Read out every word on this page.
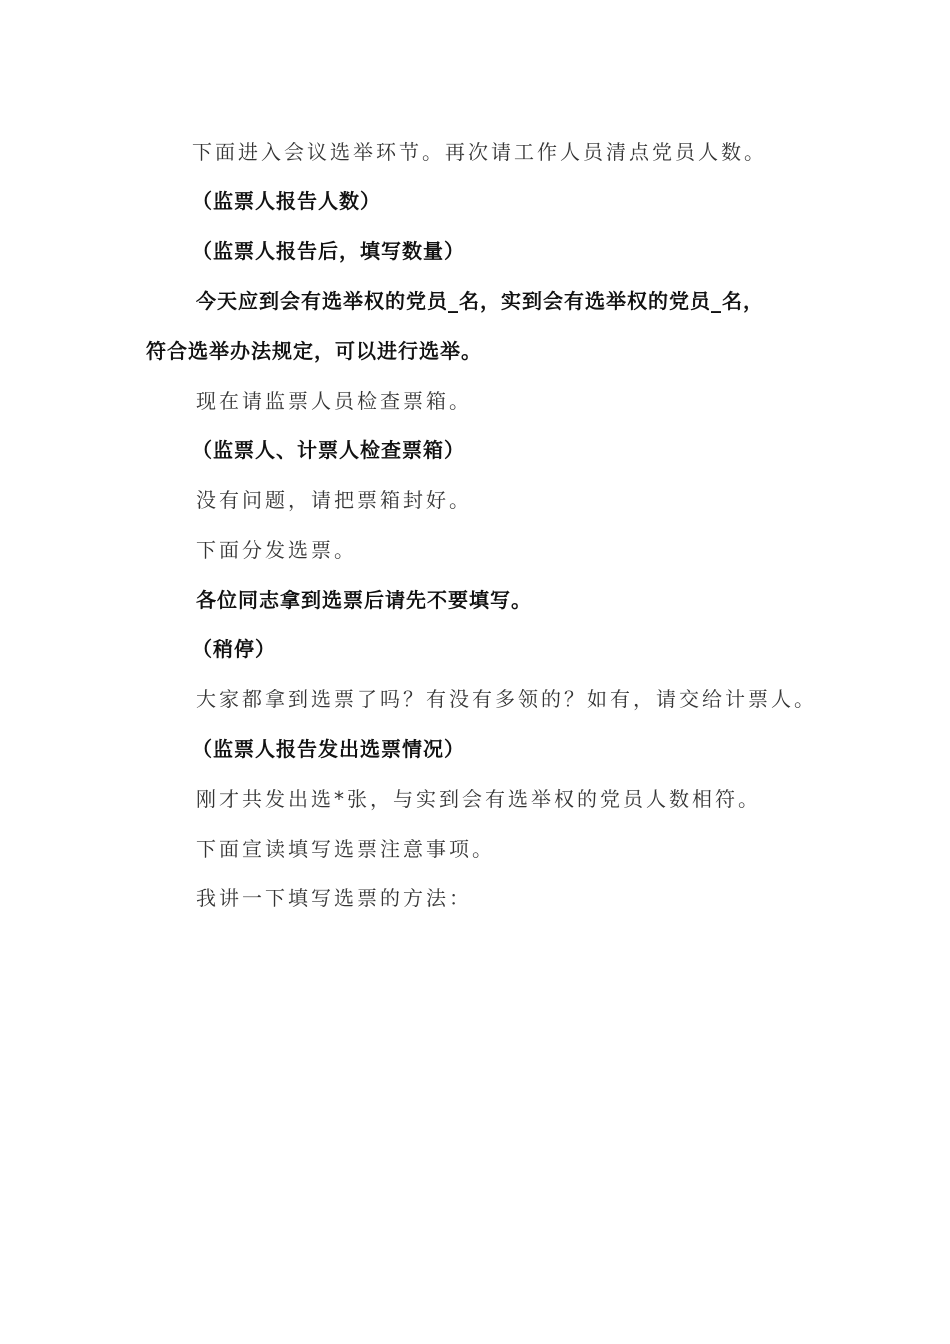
下面进入会议选举环节。再次请工作人员清点党员人数。
（监票人报告人数）
（监票人报告后，填写数量）
今天应到会有选举权的党员_名，实到会有选举权的党员_名，
符合选举办法规定，可以进行选举。
现在请监票人员检查票箱。
（监票人、计票人检查票箱）
没有问题，请把票箱封好。
下面分发选票。
各位同志拿到选票后请先不要填写。
（稍停）
大家都拿到选票了吗？有没有多领的？如有，请交给计票人。
（监票人报告发出选票情况）
刚才共发出选*张，与实到会有选举权的党员人数相符。
下面宣读填写选票注意事项。
我讲一下填写选票的方法：
